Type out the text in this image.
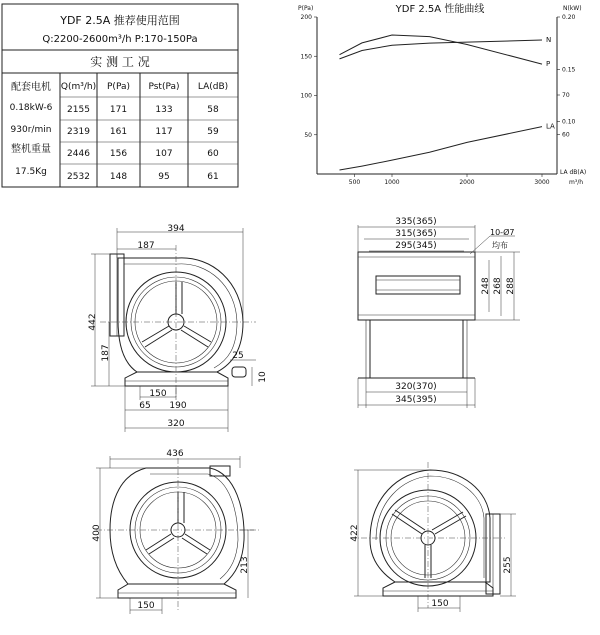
YDF 2.5A 推荐使用范围
Q:2200-2600m³/h P:170-150Pa
实 测 工 况
配套电机
0.18kW-6
930r/min
整机重量
17.5Kg
Q(m³/h) P(Pa) Pst(Pa) LA(dB)
2155 171	133	58
2319 161	117	59
2446 156	107	60
2532 148	95	61
YDF 2.5A 性能曲线
P(Pa)	N(kW)
LA dB(A)
m³/h
500	1000	2000	3000
50
100
150
200
0.10
0.15
0.20
60
70
N
P
LA
394
187
442
187	25
10
150
65 190
320
335(365)
315(365)
295(345)
248 268 288
10-Ø7
均布
320(370)
345(395)
436
400
213
150
422
255
150
